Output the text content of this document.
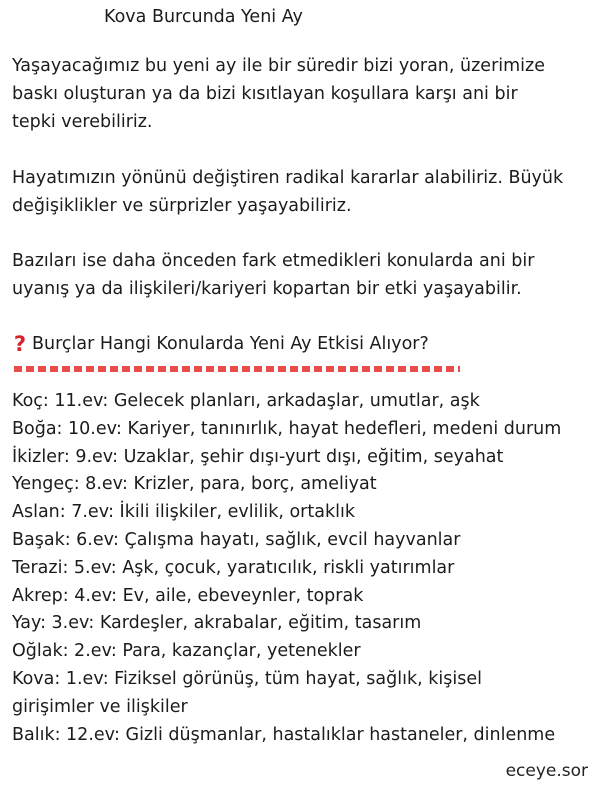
Kova Burcunda Yeni Ay

Yaşayacağımız bu yeni ay ile bir süredir bizi yoran, üzerimize
baskı oluşturan ya da bizi kısıtlayan koşullara karşı ani bir
tepki verebiliriz.

Hayatımızın yönünü değiştiren radikal kararlar alabiliriz. Büyük
değişiklikler ve sürprizler yaşayabiliriz.

Bazıları ise daha önceden fark etmedikleri konularda ani bir
uyanış ya da ilişkileri/kariyeri kopartan bir etki yaşayabilir.

? Burçlar Hangi Konularda Yeni Ay Etkisi Alıyor?
Koç: 11.ev: Gelecek planları, arkadaşlar, umutlar, aşk
Boğa: 10.ev: Kariyer, tanınırlık, hayat hedefleri, medeni durum
İkizler: 9.ev: Uzaklar, şehir dışı-yurt dışı, eğitim, seyahat
Yengeç: 8.ev: Krizler, para, borç, ameliyat
Aslan: 7.ev: İkili ilişkiler, evlilik, ortaklık
Başak: 6.ev: Çalışma hayatı, sağlık, evcil hayvanlar
Terazi: 5.ev: Aşk, çocuk, yaratıcılık, riskli yatırımlar
Akrep: 4.ev: Ev, aile, ebeveynler, toprak
Yay: 3.ev: Kardeşler, akrabalar, eğitim, tasarım
Oğlak: 2.ev: Para, kazançlar, yetenekler
Kova: 1.ev: Fiziksel görünüş, tüm hayat, sağlık, kişisel
girişimler ve ilişkiler
Balık: 12.ev: Gizli düşmanlar, hastalıklar hastaneler, dinlenme
eceye.sor
